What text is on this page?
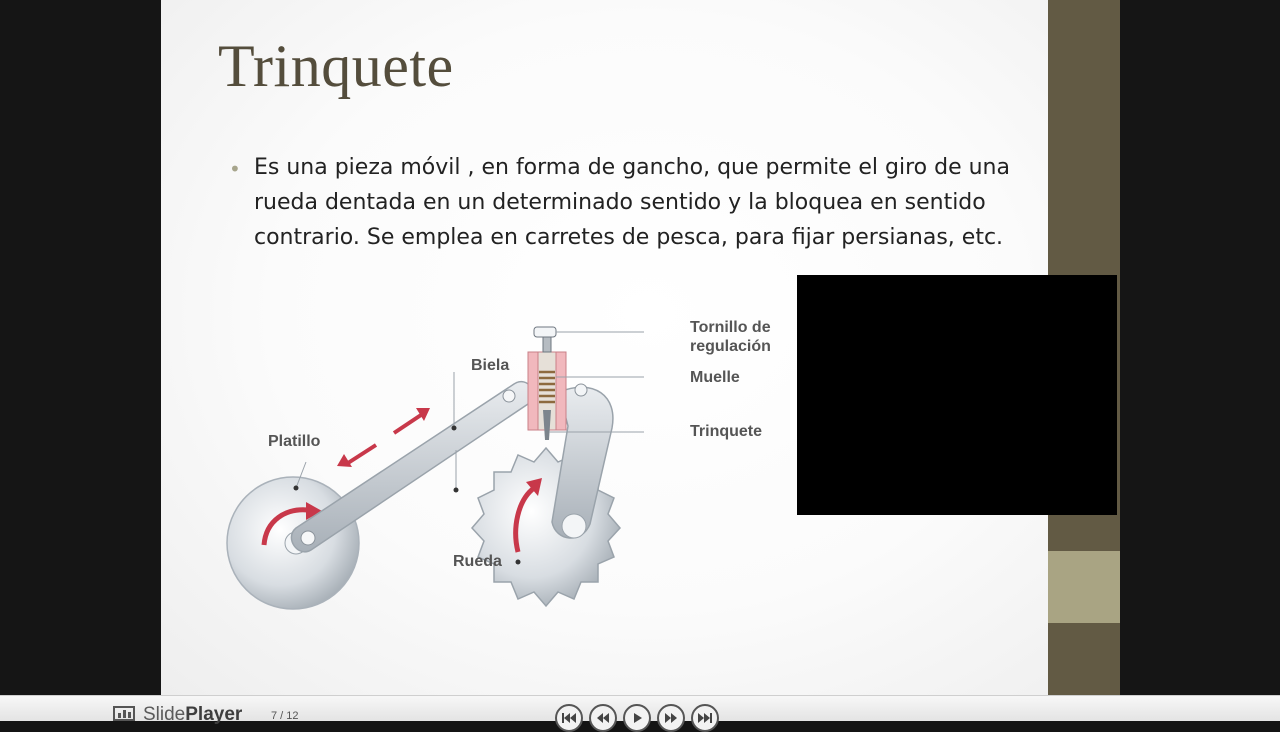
Trinquete
• Es una pieza móvil , en forma de gancho, que permite el giro de una rueda dentada en un determinado sentido y la bloquea en sentido contrario. Se emplea en carretes de pesca, para fijar persianas, etc.
Tornillo de
regulación
Muelle
Trinquete
Biela
Platillo
Rueda
SlidePlayer	7 / 12
